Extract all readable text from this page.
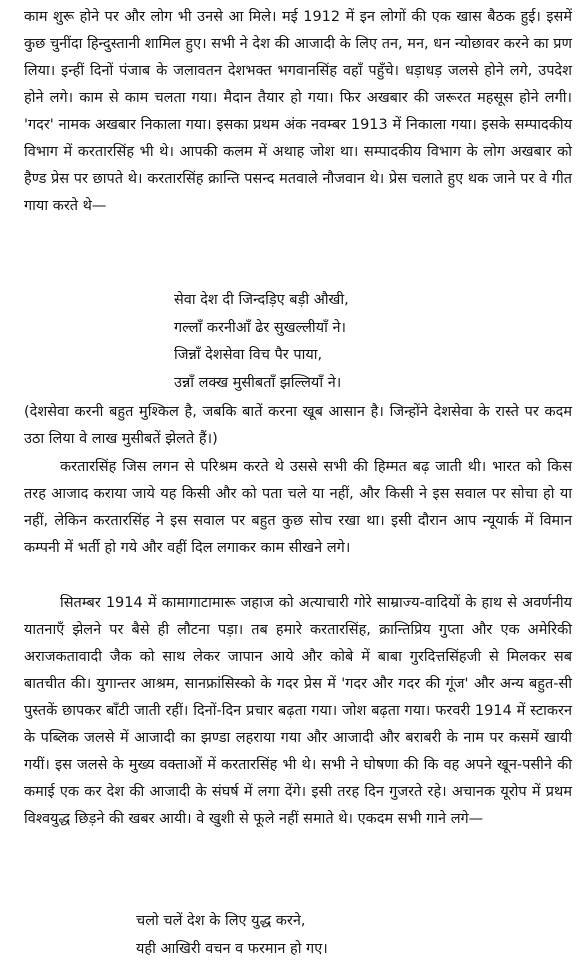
काम शुरू होने पर और लोग भी उनसे आ मिले। मई 1912 में इन लोगों की एक खास बैठक हुई। इसमें कुछ चुनींदा हिन्दुस्तानी शामिल हुए। सभी ने देश की आजादी के लिए तन, मन, धन न्योछावर करने का प्रण लिया। इन्हीं दिनों पंजाब के जलावतन देशभक्त भगवानसिंह वहाँ पहुँचे। धड़ाधड़ जलसे होने लगे, उपदेश होने लगे। काम से काम चलता गया। मैदान तैयार हो गया। फिर अखबार की जरूरत महसूस होने लगी। 'गदर' नामक अखबार निकाला गया। इसका प्रथम अंक नवम्बर 1913 में निकाला गया। इसके सम्पादकीय विभाग में करतारसिंह भी थे। आपकी कलम में अथाह जोश था। सम्पादकीय विभाग के लोग अखबार को हैण्ड प्रेस पर छापते थे। करतारसिंह क्रान्ति पसन्द मतवाले नौजवान थे। प्रेस चलाते हुए थक जाने पर वे गीत गाया करते थे—

सेवा देश दी जिन्दड़िए बड़ी औखी,
गल्लाँ करनीआँ ढेर सुखल्लीयाँ ने।
जिन्नाँ देशसेवा विच पैर पाया,
उन्नाँ लक्ख मुसीबताँ झल्लियाँ ने।

(देशसेवा करनी बहुत मुश्किल है, जबकि बातें करना खूब आसान है। जिन्होंने देशसेवा के रास्ते पर कदम उठा लिया वे लाख मुसीबतें झेलते हैं।)

करतारसिंह जिस लगन से परिश्रम करते थे उससे सभी की हिम्मत बढ़ जाती थी। भारत को किस तरह आजाद कराया जाये यह किसी और को पता चले या नहीं, और किसी ने इस सवाल पर सोचा हो या नहीं, लेकिन करतारसिंह ने इस सवाल पर बहुत कुछ सोच रखा था। इसी दौरान आप न्यूयार्क में विमान कम्पनी में भर्ती हो गये और वहीं दिल लगाकर काम सीखने लगे।

सितम्बर 1914 में कामागाटामारू जहाज को अत्याचारी गोरे साम्राज्य-वादियों के हाथ से अवर्णनीय यातनाएँ झेलने पर बैसे ही लौटना पड़ा। तब हमारे करतारसिंह, क्रान्तिप्रिय गुप्ता और एक अमेरिकी अराजकतावादी जैक को साथ लेकर जापान आये और कोबे में बाबा गुरदित्तसिंहजी से मिलकर सब बातचीत की। युगान्तर आश्रम, सानफ्रांसिस्को के गदर प्रेस में 'गदर और गदर की गूंज' और अन्य बहुत-सी पुस्तकें छापकर बाँटी जाती रहीं। दिनों-दिन प्रचार बढ़ता गया। जोश बढ़ता गया। फरवरी 1914 में स्टाकरन के पब्लिक जलसे में आजादी का झण्डा लहराया गया और आजादी और बराबरी के नाम पर कसमें खायी गयीं। इस जलसे के मुख्य वक्ताओं में करतारसिंह भी थे। सभी ने घोषणा की कि वह अपने खून-पसीने की कमाई एक कर देश की आजादी के संघर्ष में लगा देंगे। इसी तरह दिन गुजरते रहे। अचानक यूरोप में प्रथम विश्वयुद्ध छिड़ने की खबर आयी। वे खुशी से फूले नहीं समाते थे। एकदम सभी गाने लगे—

चलो चलें देश के लिए युद्ध करने,
यही आखिरी वचन व फरमान हो गए।
